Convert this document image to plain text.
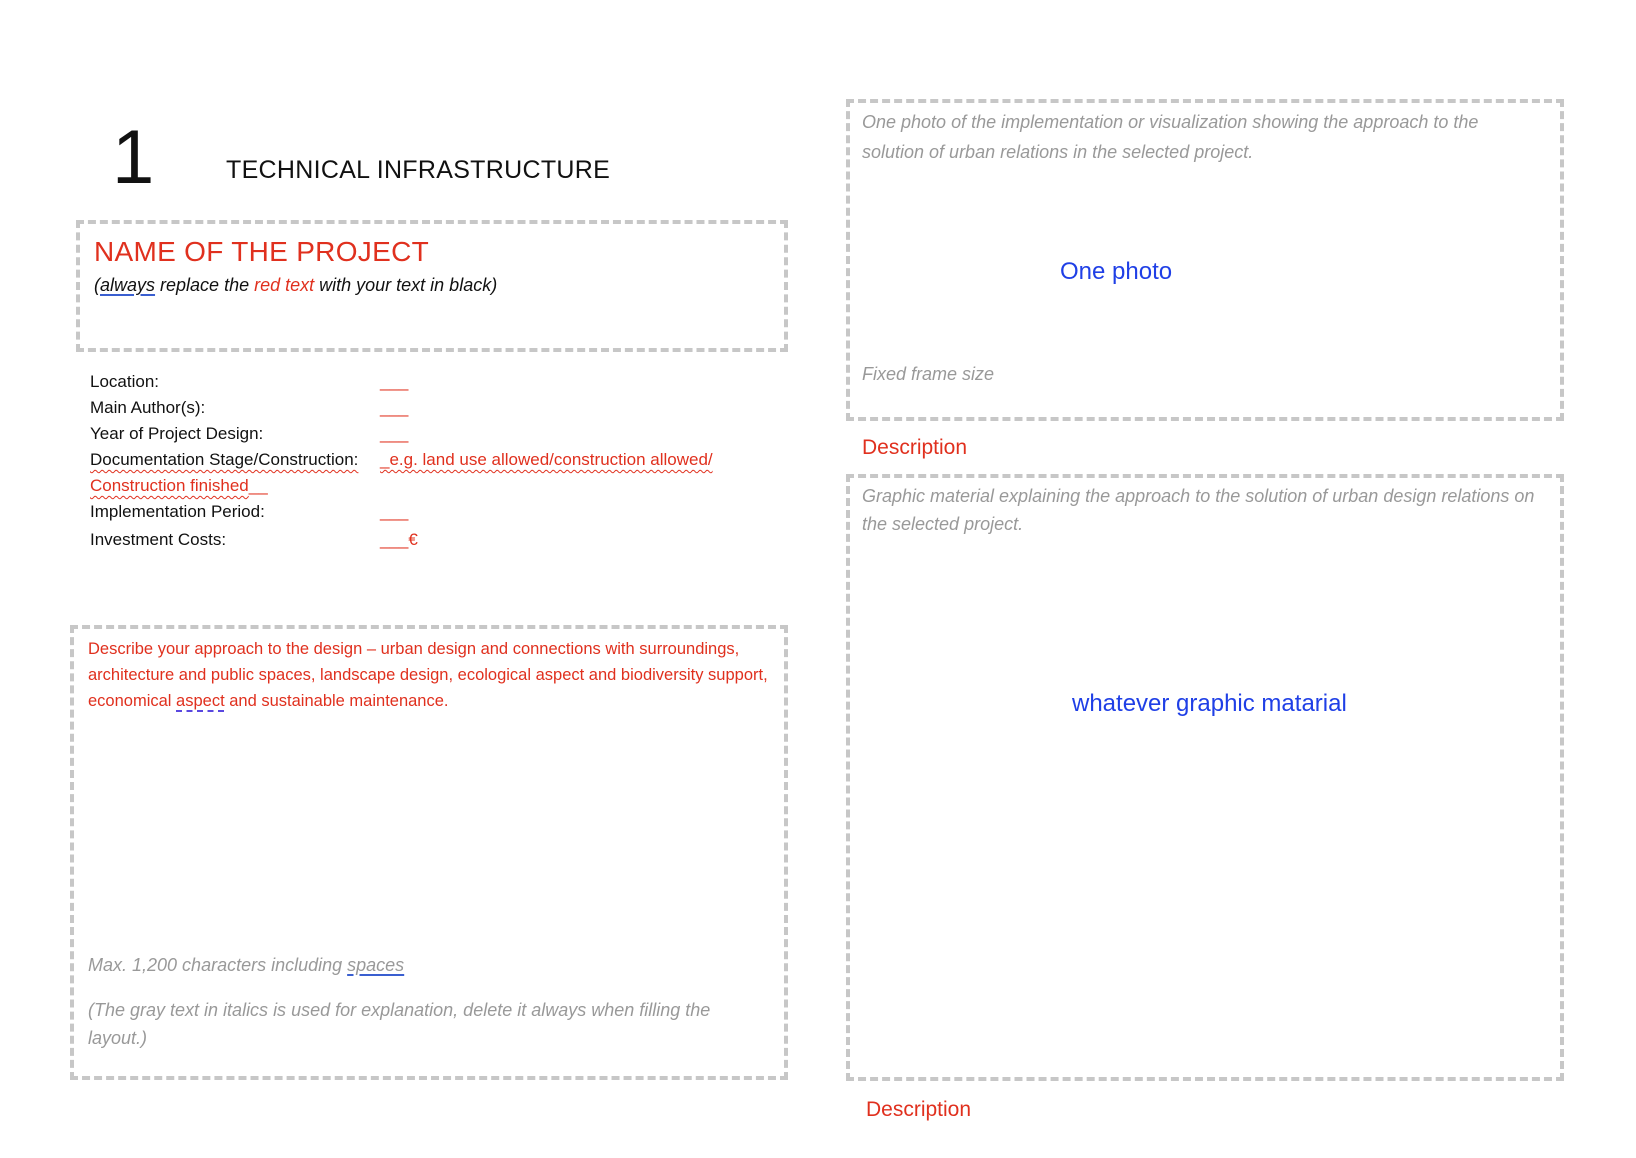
1	TECHNICAL INFRASTRUCTURE
NAME OF THE PROJECT
(always replace the red text with your text in black)
Location:	___
Main Author(s):	___
Year of Project Design:	___
Documentation Stage/Construction: _e.g. land use allowed/construction allowed/
Construction finished__
Implementation Period:	___
Investment Costs:	___€
Describe your approach to the design – urban design and connections with surroundings, architecture and public spaces, landscape design, ecological aspect and biodiversity support, economical aspect and sustainable maintenance.
Max. 1,200 characters including spaces
(The gray text in italics is used for explanation, delete it always when filling the layout.)
One photo of the implementation or visualization showing the approach to the solution of urban relations in the selected project.
One photo
Fixed frame size
Description
Graphic material explaining the approach to the solution of urban design relations on the selected project.
whatever graphic matarial
Description
